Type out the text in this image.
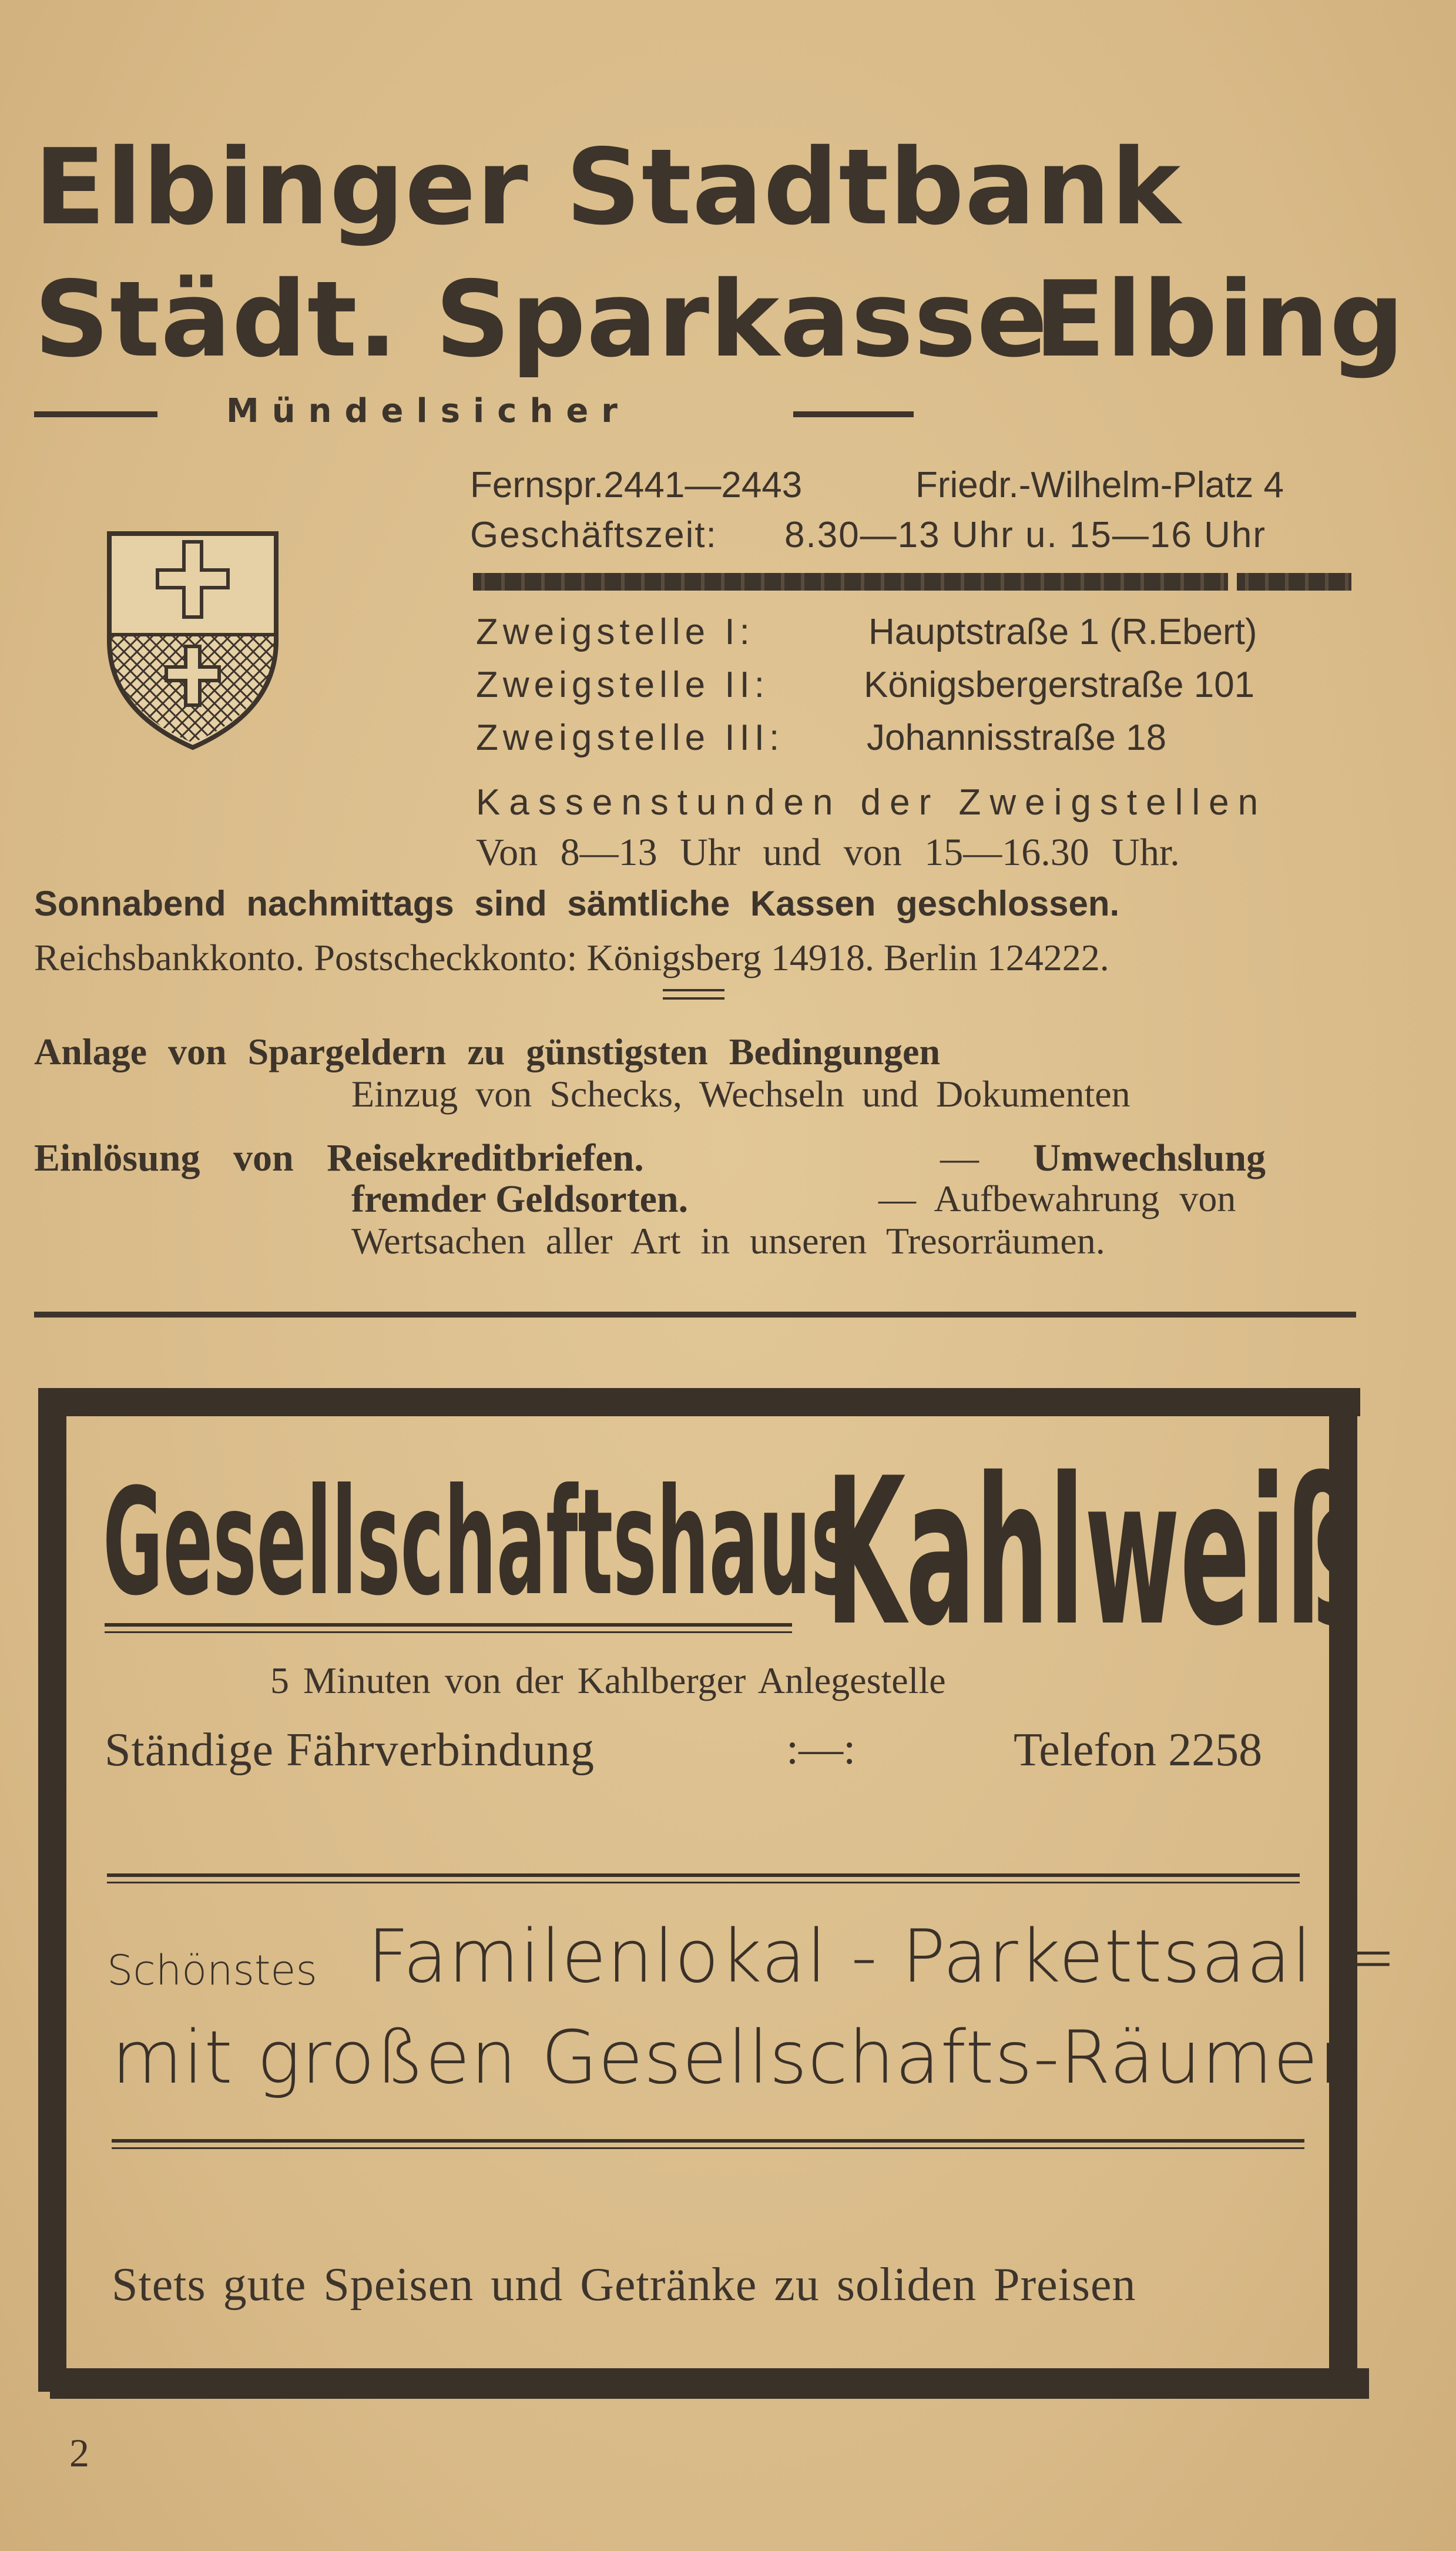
Elbinger Stadtbank
Städt. Sparkasse
Elbing
Mündelsicher
Fernspr.2441—2443	Friedr.-Wilhelm-Platz 4
Geschäftszeit: 8.30—13 Uhr u. 15—16 Uhr
Zweigstelle I:	Hauptstraße 1 (R.Ebert)
Zweigstelle II:	Königsbergerstraße 101
Zweigstelle III: Johannisstraße 18
Kassenstunden der Zweigstellen
Von 8—13 Uhr und von 15—16.30 Uhr.
Sonnabend nachmittags sind sämtliche Kassen geschlossen.
Reichsbankkonto. Postscheckkonto: Königsberg 14918. Berlin 124222.
Anlage von Spargeldern zu günstigsten Bedingungen
Einzug von Schecks, Wechseln und Dokumenten
Einlösung von Reisekreditbriefen.	— Umwechslung
fremder Geldsorten.	— Aufbewahrung von
Wertsachen aller Art in unseren Tresorräumen.
Gesellschaftshaus
Kahlweiß
5 Minuten von der Kahlberger Anlegestelle
Ständige Fährverbindung	:—:	Telefon 2258
Schönstes Familenlokal - Parkettsaal =
mit großen Gesellschafts-Räumen
Stets gute Speisen und Getränke zu soliden Preisen
2
